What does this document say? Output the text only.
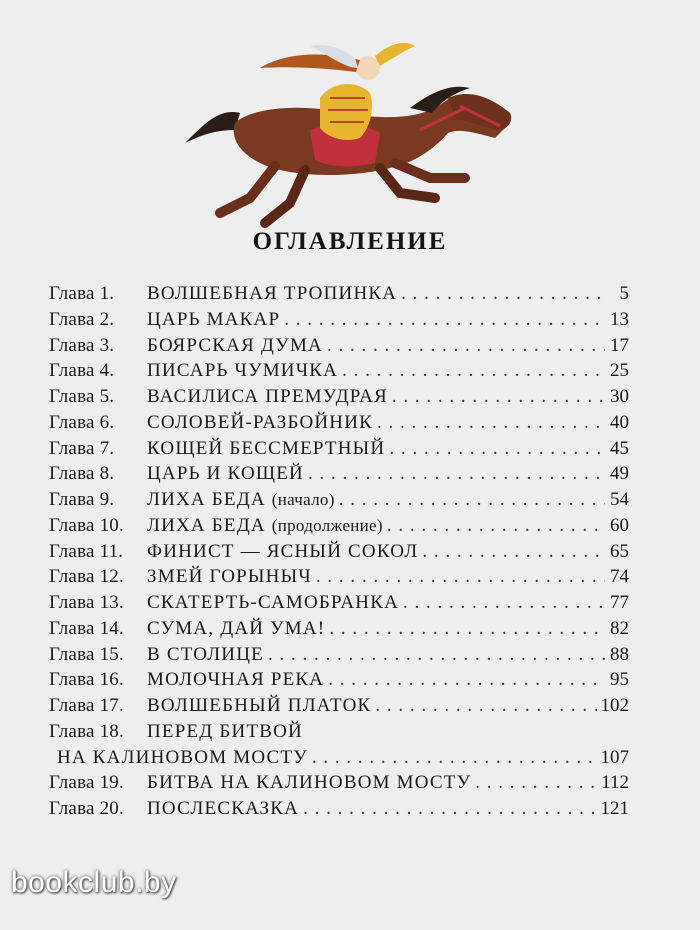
ОГЛАВЛЕНИЕ
Глава 1.	ВОЛШЕБНАЯ ТРОПИНКА . . .	5
Глава 2.	ЦАРЬ МАКАР . . .	13
Глава 3.	БОЯРСКАЯ ДУМА . . .	17
Глава 4.	ПИСАРЬ ЧУМИЧКА . . .	25
Глава 5.	ВАСИЛИСА ПРЕМУДРАЯ . . .	30
Глава 6.	СОЛОВЕЙ-РАЗБОЙНИК . . .	40
Глава 7.	КОЩЕЙ БЕССМЕРТНЫЙ . . .	45
Глава 8.	ЦАРЬ И КОЩЕЙ . . .	49
Глава 9.	ЛИХА БЕДА (начало) . . .	54
Глава 10.	ЛИХА БЕДА (продолжение) . . .	60
Глава 11.	ФИНИСТ — ЯСНЫЙ СОКОЛ . . .	65
Глава 12.	ЗМЕЙ ГОРЫНЫЧ . . .	74
Глава 13.	СКАТЕРТЬ-САМОБРАНКА . . .	77
Глава 14.	СУМА, ДАЙ УМА! . . .	82
Глава 15.	В СТОЛИЦЕ . . .	88
Глава 16.	МОЛОЧНАЯ РЕКА . . .	95
Глава 17.	ВОЛШЕБНЫЙ ПЛАТОК . . .	102
Глава 18.	ПЕРЕД БИТВОЙ
НА КАЛИНОВОМ МОСТУ . . .	107
Глава 19.	БИТВА НА КАЛИНОВОМ МОСТУ . . .	112
Глава 20.	ПОСЛЕСКАЗКА . . .	121
bookclub.by
